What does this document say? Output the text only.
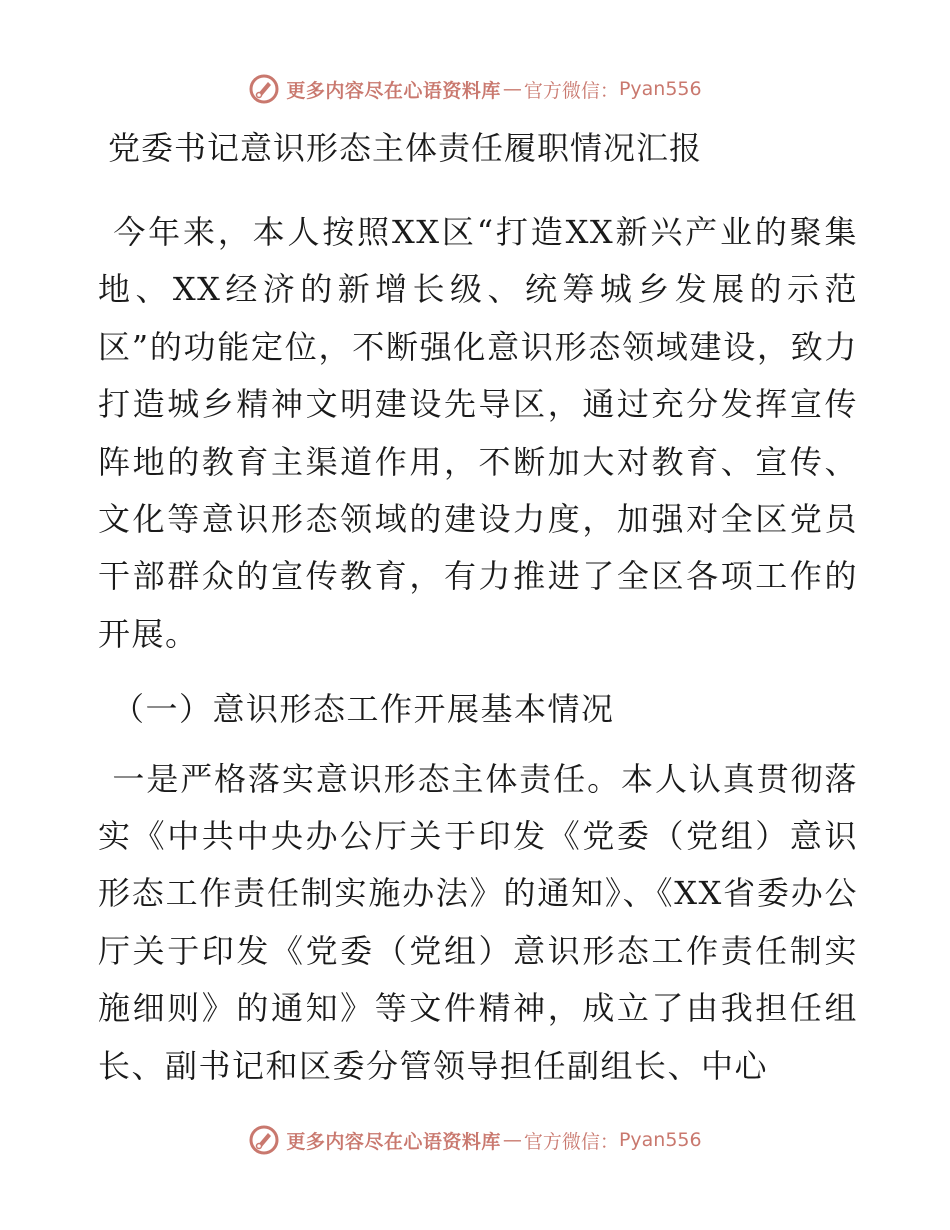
更多内容尽在心语资料库 — 官方微信： Pyan556
党委书记意识形态主体责任履职情况汇报

今年来，本人按照XX区“打造XX新兴产业的聚集地、XX经济的新增长级、统筹城乡发展的示范区”的功能定位，不断强化意识形态领域建设，致力打造城乡精神文明建设先导区，通过充分发挥宣传阵地的教育主渠道作用，不断加大对教育、宣传、文化等意识形态领域的建设力度，加强对全区党员干部群众的宣传教育，有力推进了全区各项工作的开展。

（一）意识形态工作开展基本情况

一是严格落实意识形态主体责任。本人认真贯彻落实《中共中央办公厅关于印发《党委（党组）意识形态工作责任制实施办法》的通知》、《XX省委办公厅关于印发《党委（党组）意识形态工作责任制实施细则》的通知》等文件精神，成立了由我担任组长、副书记和区委分管领导担任副组长、中心

更多内容尽在心语资料库 — 官方微信： Pyan556
